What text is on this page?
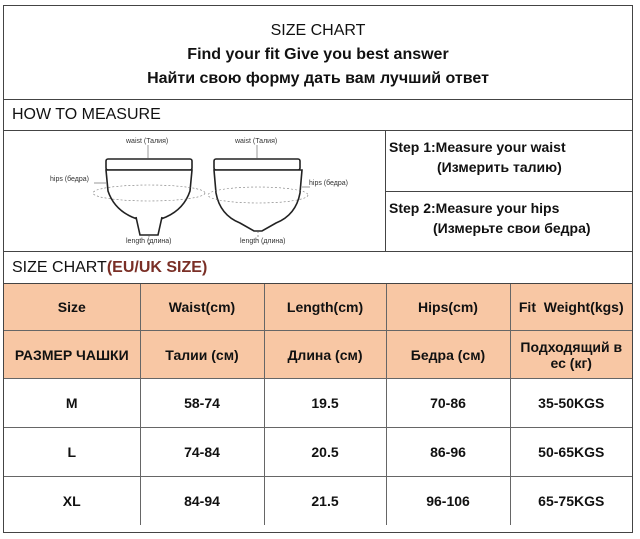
SIZE CHART
Find your fit Give you best answer
Найти свою форму дать вам лучший ответ
HOW TO MEASURE
waist (Талия)
hips (бедра)
length (длина)
waist (Талия)
hips (бедра)
length (длина)
Step 1:Measure your waist
(Измерить талию)
Step 2:Measure your hips
(Измерьте свои бедра)
SIZE CHART(EU/UK SIZE)
Size	Waist(cm)	Length(cm)	Hips(cm)	Fit  Weight(kgs)
РАЗМЕР ЧАШКИ	Талии (см)	Длина (см)	Бедра (см)	Подходящий в ес (кг)
M	58-74	19.5	70-86	35-50KGS
L	74-84	20.5	86-96	50-65KGS
XL	84-94	21.5	96-106	65-75KGS
